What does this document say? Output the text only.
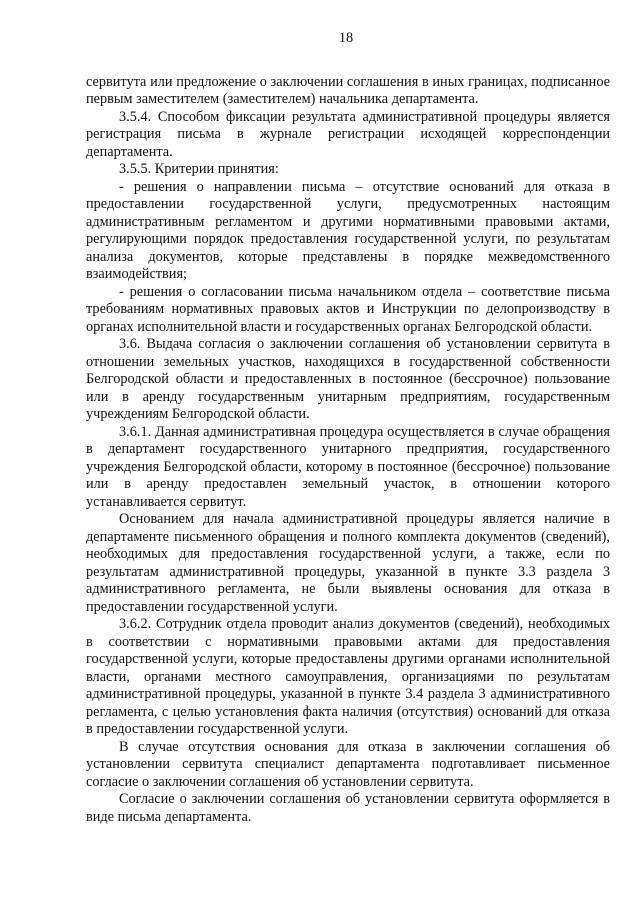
18

сервитута или предложение о заключении соглашения в иных границах, подписанное первым заместителем (заместителем) начальника департамента.

3.5.4. Способом фиксации результата административной процедуры является регистрация письма в журнале регистрации исходящей корреспонденции департамента.

3.5.5. Критерии принятия:

- решения о направлении письма – отсутствие оснований для отказа в предоставлении государственной услуги, предусмотренных настоящим административным регламентом и другими нормативными правовыми актами, регулирующими порядок предоставления государственной услуги, по результатам анализа документов, которые представлены в порядке межведомственного взаимодействия;

- решения о согласовании письма начальником отдела – соответствие письма требованиям нормативных правовых актов и Инструкции по делопроизводству в органах исполнительной власти и государственных органах Белгородской области.

3.6. Выдача согласия о заключении соглашения об установлении сервитута в отношении земельных участков, находящихся в государственной собственности Белгородской области и предоставленных в постоянное (бессрочное) пользование или в аренду государственным унитарным предприятиям, государственным учреждениям Белгородской области.

3.6.1. Данная административная процедура осуществляется в случае обращения в департамент государственного унитарного предприятия, государственного учреждения Белгородской области, которому в постоянное (бессрочное) пользование или в аренду предоставлен земельный участок, в отношении которого устанавливается сервитут.

Основанием для начала административной процедуры является наличие в департаменте письменного обращения и полного комплекта документов (сведений), необходимых для предоставления государственной услуги, а также, если по результатам административной процедуры, указанной в пункте 3.3 раздела 3 административного регламента, не были выявлены основания для отказа в предоставлении государственной услуги.

3.6.2. Сотрудник отдела проводит анализ документов (сведений), необходимых в соответствии с нормативными правовыми актами для предоставления государственной услуги, которые предоставлены другими органами исполнительной власти, органами местного самоуправления, организациями по результатам административной процедуры, указанной в пункте 3.4 раздела 3 административного регламента, с целью установления факта наличия (отсутствия) оснований для отказа в предоставлении государственной услуги.

В случае отсутствия основания для отказа в заключении соглашения об установлении сервитута специалист департамента подготавливает письменное согласие о заключении соглашения об установлении сервитута.

Согласие о заключении соглашения об установлении сервитута оформляется в виде письма департамента.
